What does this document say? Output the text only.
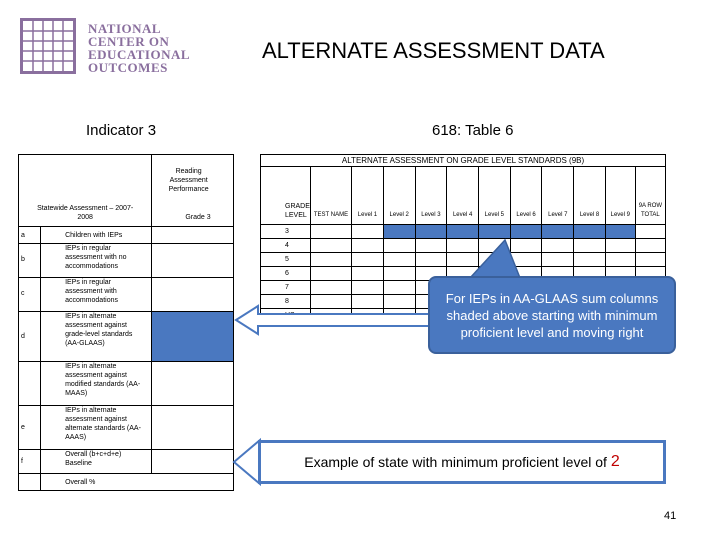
NATIONAL
CENTER ON
EDUCATIONAL
OUTCOMES
ALTERNATE ASSESSMENT DATA
Indicator 3	618: Table 6
Statewide Assessment – 2007-2008		Reading Assessment Performance
Grade 3

a	Children with IEPs	
b	IEPs in regular assessment with no accommodations	

c	IEPs in regular assessment with accommodations	

d	IEPs in alternate assessment against grade-level standards (AA-GLAAS)	

	IEPs in alternate assessment against modified standards (AA-MAAS)	

e	IEPs in alternate assessment against alternate standards (AA-AAAS)	

f	Overall (b+c+d+e) Baseline	

	Overall %	
ALTERNATE ASSESSMENT ON GRADE LEVEL STANDARDS (9B)											

GRADE LEVEL	TEST NAME	Level 1	Level 2	Level 3	Level 4	Level 5	Level 6	Level 7	Level 8	Level 9	9A ROW TOTAL

3											
4											
5											
6											
7											
8											
												For IEPs in AA-GLAAS sum columns shaded above starting with minimum proficient level and moving right
Example of state with minimum proficient level of
2
41
